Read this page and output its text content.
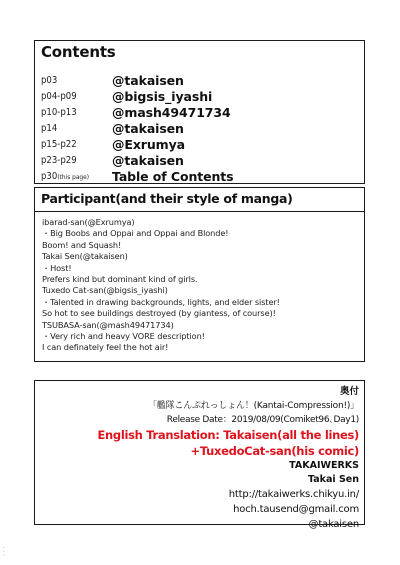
Contents
p03	@takaisen
p04-p09	@bigsis_iyashi
p10-p13	@mash49471734
p14	@takaisen
p15-p22	@Exrumya
p23-p29	@takaisen
p30(this page)	Table of Contents
Participant(and their style of manga)
ibarad-san(@Exrumya)
・Big Boobs and Oppai and Oppai and Blonde!
Boom! and Squash!
Takai Sen(@takaisen)
・Host!
Prefers kind but dominant kind of girls.
Tuxedo Cat-san(@bigsis_iyashi)
・Talented in drawing backgrounds, lights, and elder sister!
So hot to see buildings destroyed (by giantess, of course)!
TSUBASA-san(@mash49471734)
・Very rich and heavy VORE description!
I can definately feel the hot air!
奥付
「艦隊こんぷれっしょん！(Kantai-Compression!)」
Release Date：2019/08/09(Comiket96､Day1)
English Translation: Takaisen(all the lines)
+TuxedoCat-san(his comic)
TAKAIWERKS
Takai Sen
http://takaiwerks.chikyu.in/
hoch.tausend@gmail.com
@takaisen
•
•
•
